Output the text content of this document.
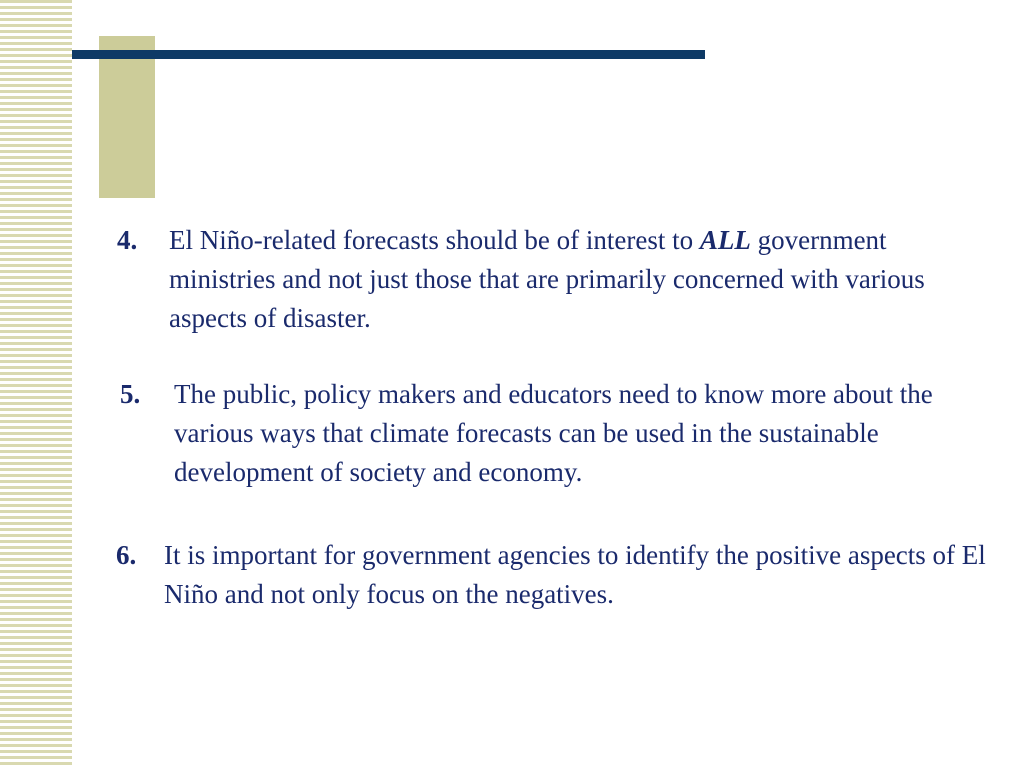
4. El Niño-related forecasts should be of interest to ALL government ministries and not just those that are primarily concerned with various aspects of disaster.
5. The public, policy makers and educators need to know more about the various ways that climate forecasts can be used in the sustainable development of society and economy.
6. It is important for government agencies to identify the positive aspects of El Niño and not only focus on the negatives.
